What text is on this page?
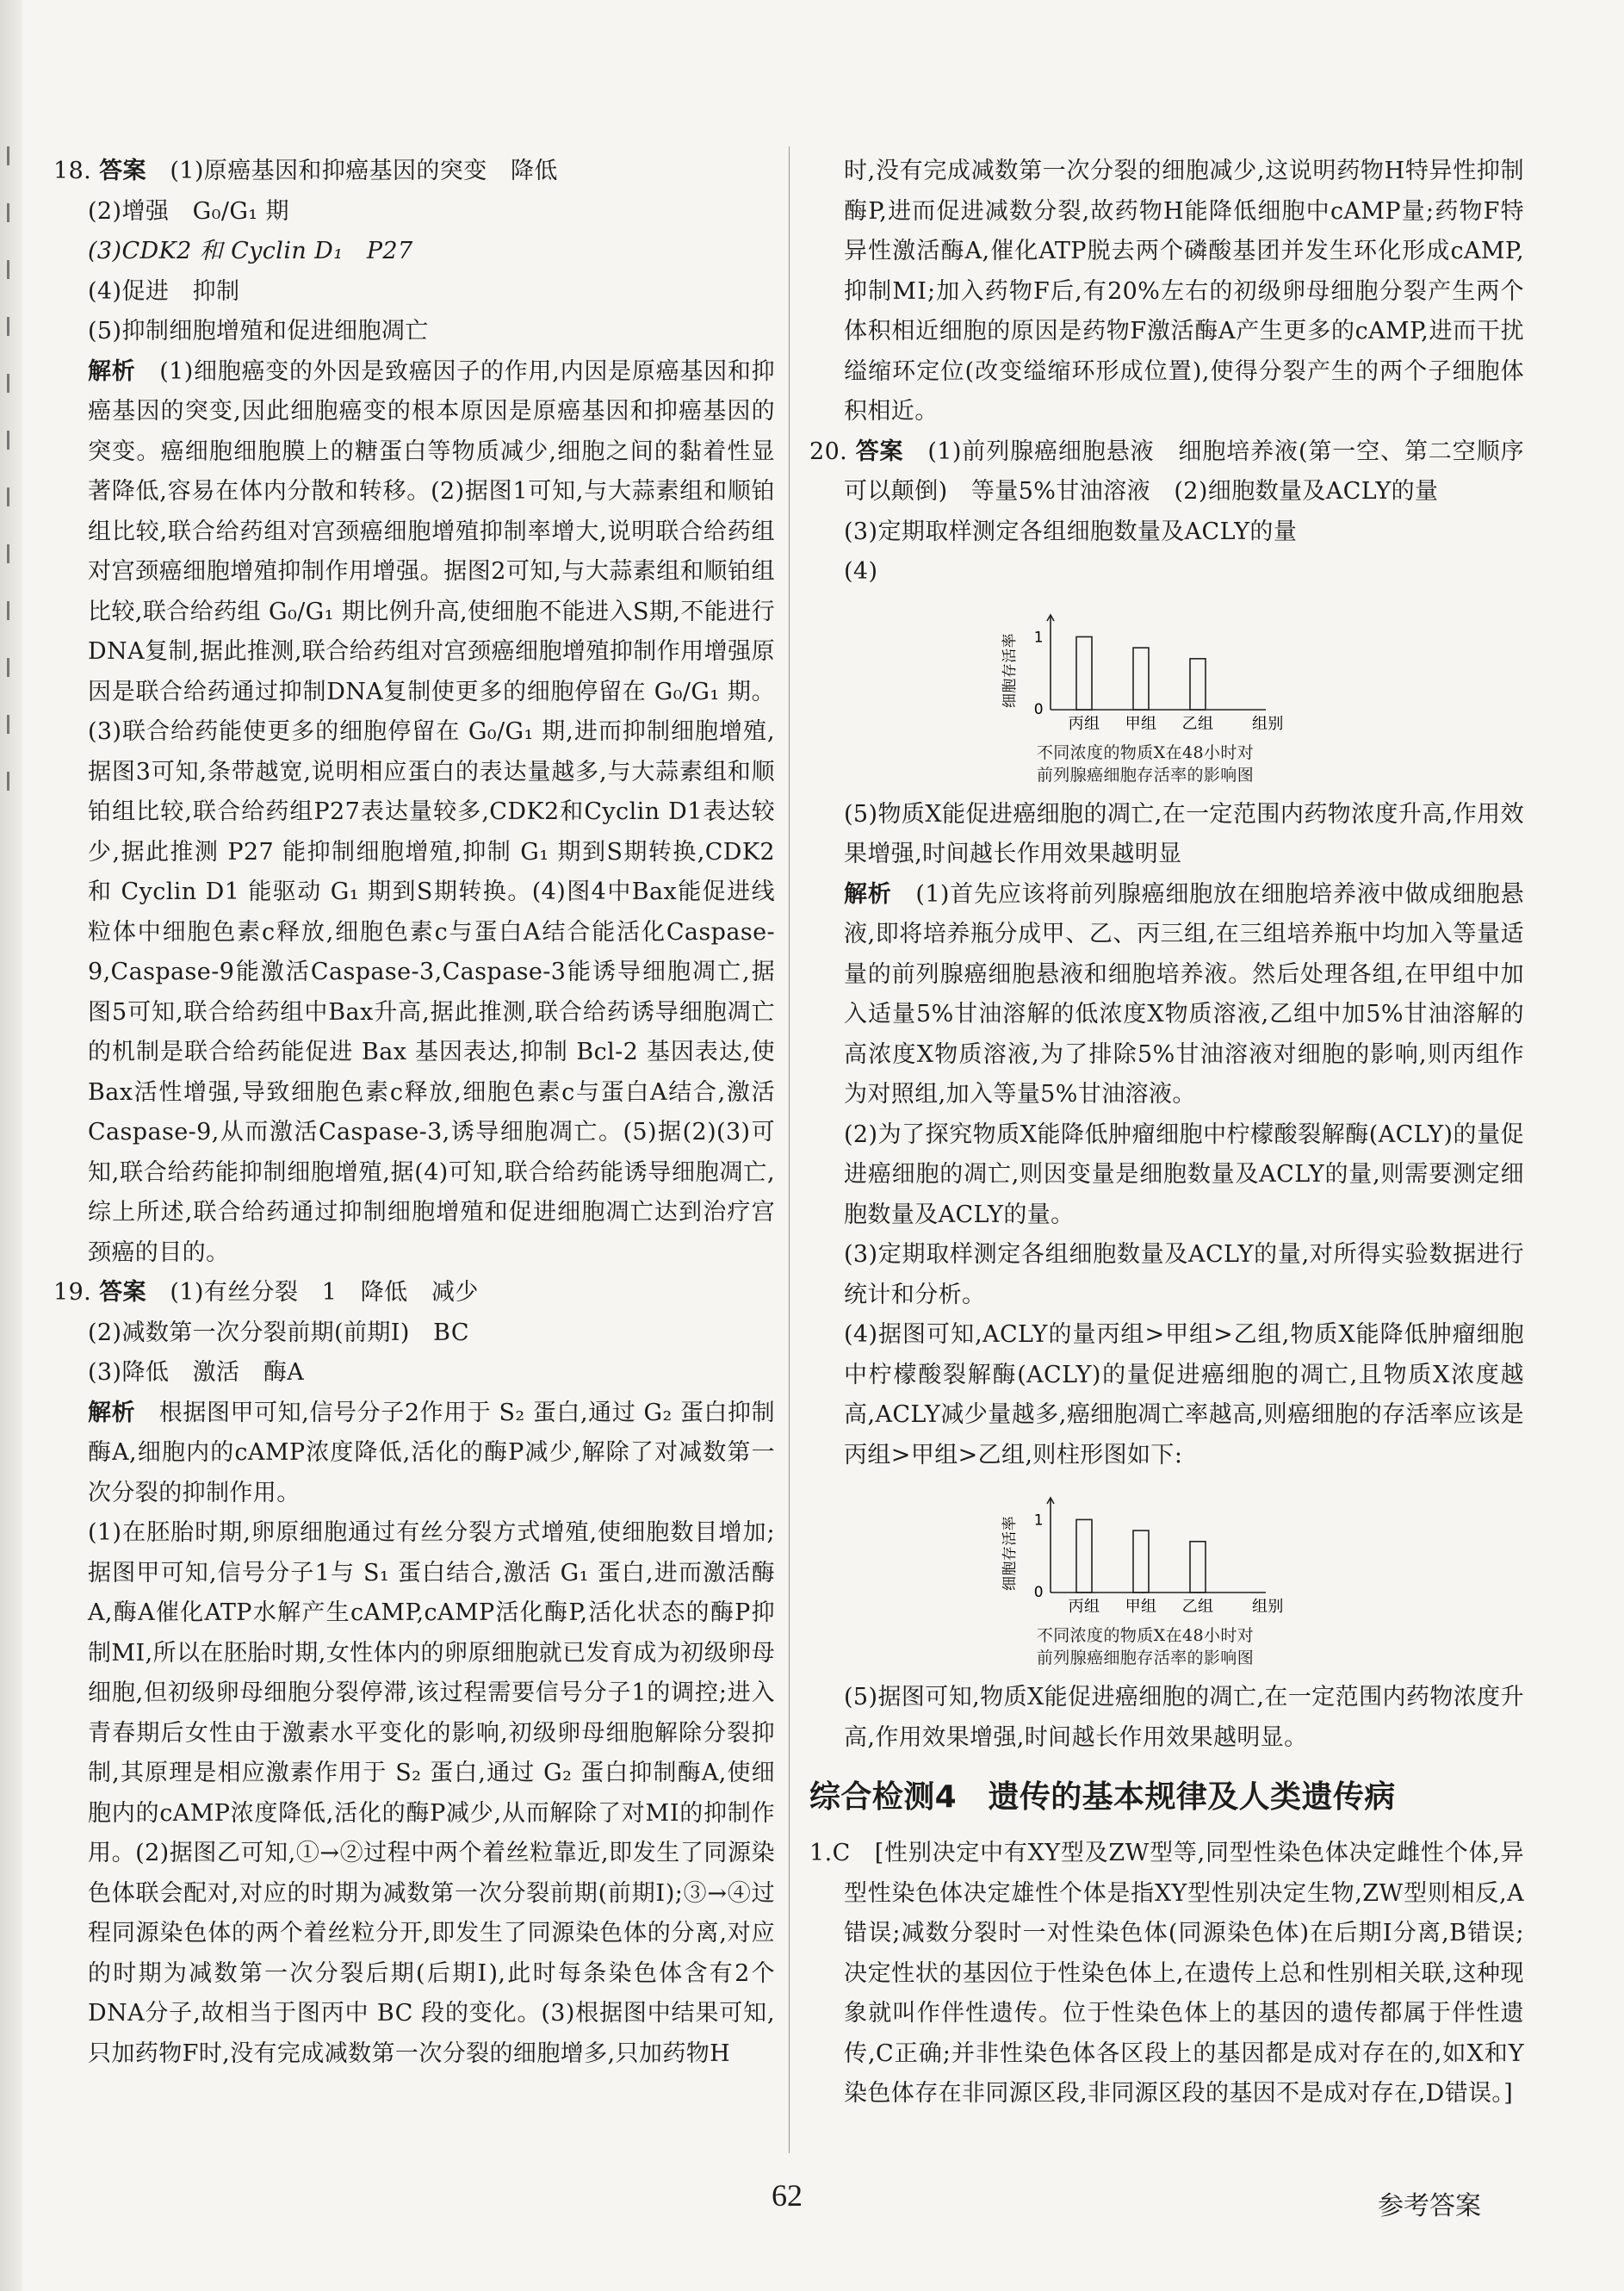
18. 答案　 (1)原癌基因和抑癌基因的突变　降低

(2)增强　G₀/G₁ 期

(3)CDK2 和 Cyclin D₁　P27

(4)促进　抑制

(5)抑制细胞增殖和促进细胞凋亡

解析　 (1)细胞癌变的外因是致癌因子的作用,内因是原癌基因和抑癌基因的突变,因此细胞癌变的根本原因是原癌基因和抑癌基因的突变。癌细胞细胞膜上的糖蛋白等物质减少,细胞之间的黏着性显著降低,容易在体内分散和转移。(2)据图1可知,与大蒜素组和顺铂组比较,联合给药组对宫颈癌细胞增殖抑制率增大,说明联合给药组对宫颈癌细胞增殖抑制作用增强。据图2可知,与大蒜素组和顺铂组比较,联合给药组 G₀/G₁ 期比例升高,使细胞不能进入S期,不能进行DNA复制,据此推测,联合给药组对宫颈癌细胞增殖抑制作用增强原因是联合给药通过抑制DNA复制使更多的细胞停留在 G₀/G₁ 期。(3)联合给药能使更多的细胞停留在 G₀/G₁ 期,进而抑制细胞增殖,据图3可知,条带越宽,说明相应蛋白的表达量越多,与大蒜素组和顺铂组比较,联合给药组P27表达量较多,CDK2和Cyclin D1表达较少,据此推测 P27 能抑制细胞增殖,抑制 G₁ 期到S期转换,CDK2 和 Cyclin D1 能驱动 G₁ 期到S期转换。(4)图4中Bax能促进线粒体中细胞色素c释放,细胞色素c与蛋白A结合能活化Caspase-9,Caspase-9能激活Caspase-3,Caspase-3能诱导细胞凋亡,据图5可知,联合给药组中Bax升高,据此推测,联合给药诱导细胞凋亡的机制是联合给药能促进 Bax 基因表达,抑制 Bcl-2 基因表达,使Bax活性增强,导致细胞色素c释放,细胞色素c与蛋白A结合,激活Caspase-9,从而激活Caspase-3,诱导细胞凋亡。(5)据(2)(3)可知,联合给药能抑制细胞增殖,据(4)可知,联合给药能诱导细胞凋亡,综上所述,联合给药通过抑制细胞增殖和促进细胞凋亡达到治疗宫颈癌的目的。

19. 答案　 (1)有丝分裂　1　降低　减少

(2)减数第一次分裂前期(前期Ⅰ)　BC

(3)降低　激活　酶A

解析　 根据图甲可知,信号分子2作用于 S₂ 蛋白,通过 G₂ 蛋白抑制酶A,细胞内的cAMP浓度降低,活化的酶P减少,解除了对减数第一次分裂的抑制作用。

(1)在胚胎时期,卵原细胞通过有丝分裂方式增殖,使细胞数目增加;据图甲可知,信号分子1与 S₁ 蛋白结合,激活 G₁ 蛋白,进而激活酶A,酶A催化ATP水解产生cAMP,cAMP活化酶P,活化状态的酶P抑制MⅠ,所以在胚胎时期,女性体内的卵原细胞就已发育成为初级卵母细胞,但初级卵母细胞分裂停滞,该过程需要信号分子1的调控;进入青春期后女性由于激素水平变化的影响,初级卵母细胞解除分裂抑制,其原理是相应激素作用于 S₂ 蛋白,通过 G₂ 蛋白抑制酶A,使细胞内的cAMP浓度降低,活化的酶P减少,从而解除了对MⅠ的抑制作用。(2)据图乙可知,①→②过程中两个着丝粒靠近,即发生了同源染色体联会配对,对应的时期为减数第一次分裂前期(前期Ⅰ);③→④过程同源染色体的两个着丝粒分开,即发生了同源染色体的分离,对应的时期为减数第一次分裂后期(后期Ⅰ),此时每条染色体含有2个DNA分子,故相当于图丙中 BC 段的变化。(3)根据图中结果可知,只加药物F时,没有完成减数第一次分裂的细胞增多,只加药物H

时,没有完成减数第一次分裂的细胞减少,这说明药物H特异性抑制酶P,进而促进减数分裂,故药物H能降低细胞中cAMP量;药物F特异性激活酶A,催化ATP脱去两个磷酸基团并发生环化形成cAMP,抑制MⅠ;加入药物F后,有20%左右的初级卵母细胞分裂产生两个体积相近细胞的原因是药物F激活酶A产生更多的cAMP,进而干扰缢缩环定位(改变缢缩环形成位置),使得分裂产生的两个子细胞体积相近。

20. 答案　 (1)前列腺癌细胞悬液　细胞培养液(第一空、第二空顺序可以颠倒)　等量5%甘油溶液　(2)细胞数量及ACLY的量

(3)定期取样测定各组细胞数量及ACLY的量

(4)

0
1
细胞存活率
丙组 甲组 乙组 组别
不同浓度的物质X在48小时对
前列腺癌细胞存活率的影响图

(5)物质X能促进癌细胞的凋亡,在一定范围内药物浓度升高,作用效果增强,时间越长作用效果越明显

解析　 (1)首先应该将前列腺癌细胞放在细胞培养液中做成细胞悬液,即将培养瓶分成甲、乙、丙三组,在三组培养瓶中均加入等量适量的前列腺癌细胞悬液和细胞培养液。然后处理各组,在甲组中加入适量5%甘油溶解的低浓度X物质溶液,乙组中加5%甘油溶解的高浓度X物质溶液,为了排除5%甘油溶液对细胞的影响,则丙组作为对照组,加入等量5%甘油溶液。

(2)为了探究物质X能降低肿瘤细胞中柠檬酸裂解酶(ACLY)的量促进癌细胞的凋亡,则因变量是细胞数量及ACLY的量,则需要测定细胞数量及ACLY的量。

(3)定期取样测定各组细胞数量及ACLY的量,对所得实验数据进行统计和分析。

(4)据图可知,ACLY的量丙组>甲组>乙组,物质X能降低肿瘤细胞中柠檬酸裂解酶(ACLY)的量促进癌细胞的凋亡,且物质X浓度越高,ACLY减少量越多,癌细胞凋亡率越高,则癌细胞的存活率应该是丙组>甲组>乙组,则柱形图如下:

0
1
细胞存活率
丙组 甲组 乙组 组别
不同浓度的物质X在48小时对
前列腺癌细胞存活率的影响图

(5)据图可知,物质X能促进癌细胞的凋亡,在一定范围内药物浓度升高,作用效果增强,时间越长作用效果越明显。

综合检测4　遗传的基本规律及人类遗传病

1.C　 [性别决定中有XY型及ZW型等,同型性染色体决定雌性个体,异型性染色体决定雄性个体是指XY型性别决定生物,ZW型则相反,A错误;减数分裂时一对性染色体(同源染色体)在后期Ⅰ分离,B错误;决定性状的基因位于性染色体上,在遗传上总和性别相关联,这种现象就叫作伴性遗传。位于性染色体上的基因的遗传都属于伴性遗传,C正确;并非性染色体各区段上的基因都是成对存在的,如X和Y染色体存在非同源区段,非同源区段的基因不是成对存在,D错误。]

62	参考答案
